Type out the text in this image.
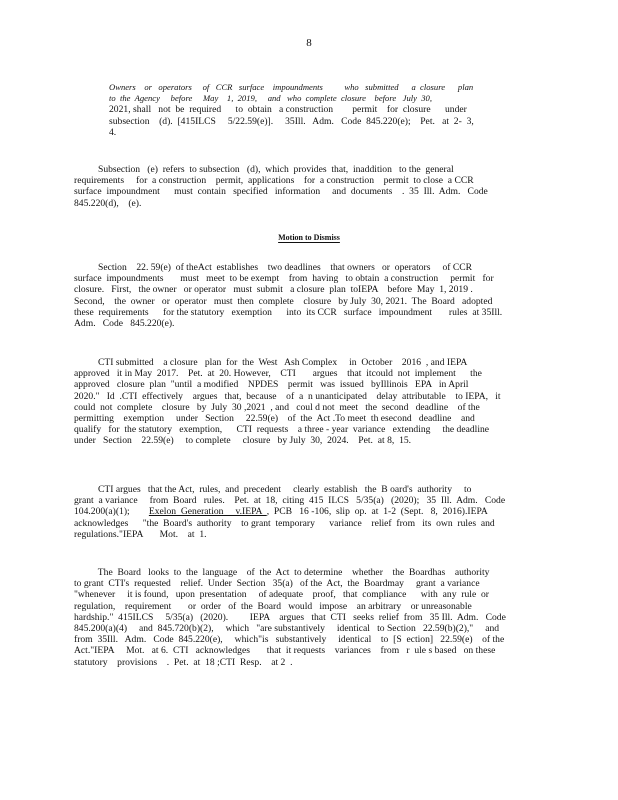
8
Owners    or   operators     of   CCR   surface    impoundments          who   submitted      a  closure      plan
to  the  Agency     before     May    1,  2019,     and   who  complete  closure    before   July  30,
2021, shall   not  be  required      to  obtain   a construction        permit    for  closure      under
subsection    (d).  [415ILCS     5/22.59(e)].     35Ill.   Adm.   Code  845.220(e);    Pet.   at  2-  3,
4.
Subsection   (e)  refers  to subsection   (d),  which  provides  that,  inaddition   to the  general
requirements     for  a construction    permit,  applications    for  a construction    permit  to close  a CCR
surface  impoundment      must  contain   specified   information     and  documents    .  35  Ill.  Adm.   Code
845.220(d),    (e).
Motion to Dismiss
Section    22. 59(e)  of theAct  establishes    two deadlines    that owners   or  operators     of CCR
surface  impoundments       must   meet  to be exempt    from  having   to obtain  a construction     permit   for
closure.   First,   the owner   or operator   must  submit   a closure  plan  toIEPA    before  May  1, 2019 .
Second,    the  owner   or  operator   must  then  complete    closure   by July  30, 2021.  The  Board   adopted
these  requirements      for the statutory   exemption      into  its CCR   surface   impoundment       rules  at 35Ill.
Adm.   Code   845.220(e).
CTI submitted    a closure   plan  for  the  West   Ash Complex     in  October    2016  , and IEPA
approved   it in May  2017.    Pet.  at  20. However,    CTI       argues    that  itcould  not  implement      the
approved   closure  plan  "until  a modified    NPDES    permit   was  issued   byIllinois   EPA   in April
2020."   Id  .CTI  effectively    argues   that,  because    of  a  n unanticipated    delay  attributable    to IEPA,   it
could  not  complete    closure   by  July  30 ,2021  , and   coul d not  meet   the  second   deadline    of the
permitting    exemption     under   Section     22.59(e)    of  the  Act .To meet  th esecond   deadline    and
qualify   for  the statutory   exemption,      CTI  requests    a three - year  variance   extending     the deadline
under   Section    22.59(e)     to complete     closure   by July  30,  2024.    Pet.  at 8,  15.
CTI argues   that the Act,  rules,  and  precedent     clearly  establish   the  B oard's  authority     to
grant  a variance     from  Board   rules.    Pet.  at  18,  citing  415  ILCS   5/35(a)   (2020);   35  Ill.  Adm.   Code
104.200(a)(1);        Exelon  Generation     v.IEPA  ,  PCB   16 -106,  slip  op.  at  1-2  (Sept.   8,  2016).IEPA
acknowledges      "the  Board's  authority    to grant  temporary      variance    relief  from   its  own  rules  and
regulations."IEPA       Mot.    at  1.
The  Board   looks  to  the  language    of  the  Act  to determine    whether    the  Boardhas    authority
to grant  CTI's  requested    relief.  Under  Section   35(a)   of the  Act,  the  Boardmay     grant  a variance
"whenever     it is found,   upon  presentation     of adequate    proof,   that  compliance      with  any  rule  or
regulation,    requirement       or  order   of  the  Board   would   impose    an arbitrary    or unreasonable
hardship."  415ILCS     5/35(a)   (2020).         IEPA    argues   that  CTI   seeks  relief  from   35 Ill.  Adm.   Code
845.200(a)(4)     and  845.720(b)(2),     which   "are substantively     identical   to Section   22.59(b)(2),"     and
from  35Ill.   Adm.   Code  845.220(e),     which"is   substantively     identical    to  [S  ection]   22.59(e)    of the
Act."IEPA     Mot.   at 6.  CTI   acknowledges       that  it requests    variances    from   r  ule s based   on these
statutory    provisions    .  Pet.  at  18 ;CTI  Resp.    at 2  .
